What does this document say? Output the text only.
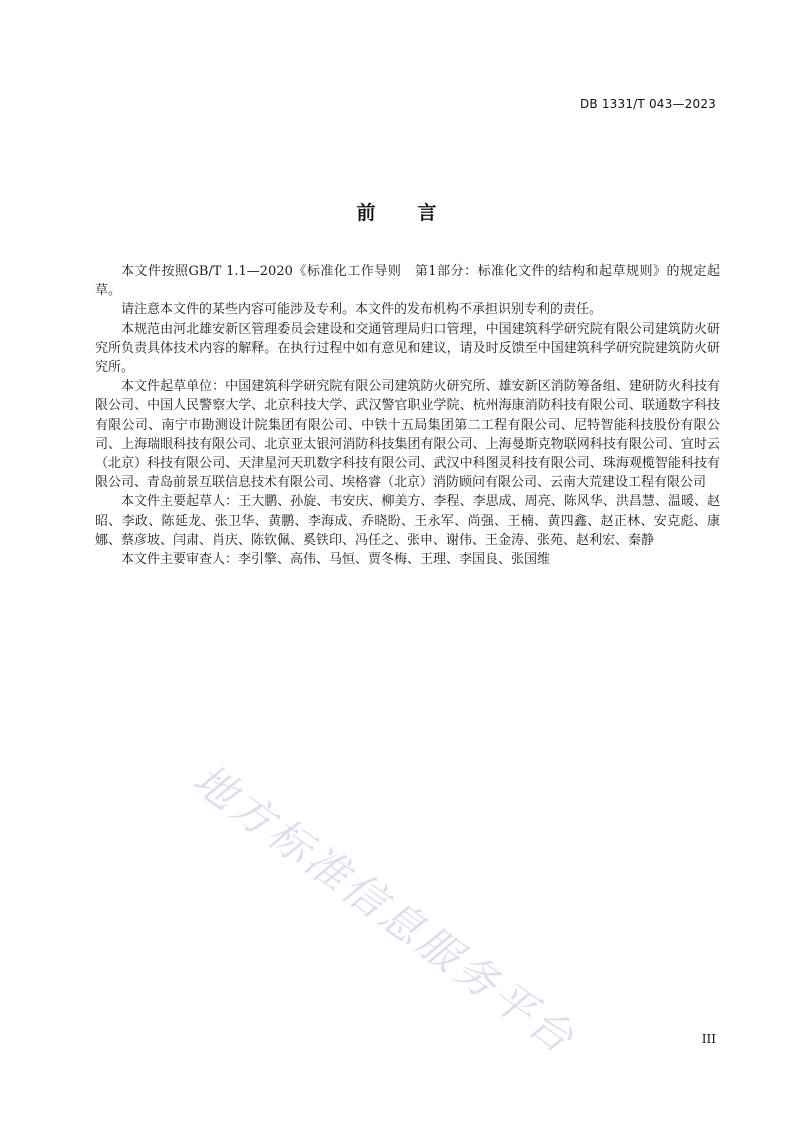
DB 1331/T 043—2023
前言

本文件按照GB/T 1.1—2020《标准化工作导则　第1部分：标准化文件的结构和起草规则》的规定起草。

请注意本文件的某些内容可能涉及专利。本文件的发布机构不承担识别专利的责任。

本规范由河北雄安新区管理委员会建设和交通管理局归口管理，中国建筑科学研究院有限公司建筑防火研究所负责具体技术内容的解释。在执行过程中如有意见和建议，请及时反馈至中国建筑科学研究院建筑防火研究所。

本文件起草单位：中国建筑科学研究院有限公司建筑防火研究所、雄安新区消防筹备组、建研防火科技有限公司、中国人民警察大学、北京科技大学、武汉警官职业学院、杭州海康消防科技有限公司、联通数字科技有限公司、南宁市勘测设计院集团有限公司、中铁十五局集团第二工程有限公司、尼特智能科技股份有限公司、上海瑞眼科技有限公司、北京亚太银河消防科技集团有限公司、上海曼斯克物联网科技有限公司、宜时云（北京）科技有限公司、天津星河天玑数字科技有限公司、武汉中科图灵科技有限公司、珠海观榄智能科技有限公司、青岛前景互联信息技术有限公司、埃格睿（北京）消防顾问有限公司、云南大荒建设工程有限公司

本文件主要起草人：王大鹏、孙旋、韦安庆、柳美方、李程、李思成、周亮、陈风华、洪昌慧、温暖、赵昭、李政、陈延龙、张卫华、黄鹏、李海成、乔晓盼、王永军、尚强、王楠、黄四鑫、赵正林、安克彪、康娜、蔡彦坡、闫肃、肖庆、陈钦佩、奚铁印、冯任之、张申、谢伟、王金涛、张苑、赵利宏、秦静

本文件主要审查人：李引擎、高伟、马恒、贾冬梅、王理、李国良、张国维

地方标准信息服务平台	III
